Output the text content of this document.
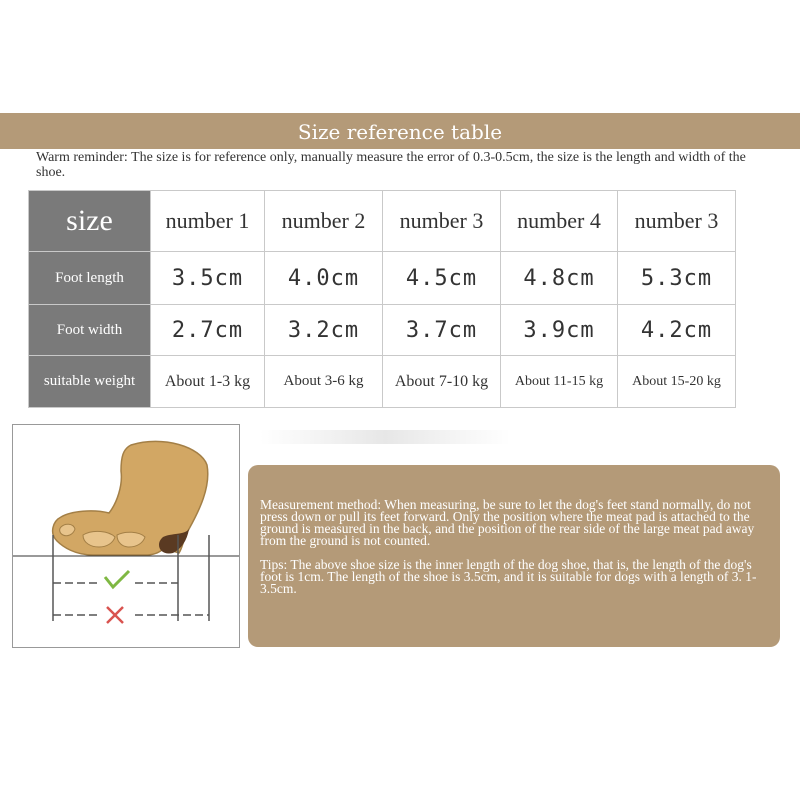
Size reference table
Warm reminder: The size is for reference only, manually measure the error of 0.3-0.5cm, the size is the length and width of the shoe.
size	number 1	number 2	number 3	number 4	number 3
Foot length	3.5cm	4.0cm	4.5cm	4.8cm	5.3cm
Foot width	2.7cm	3.2cm	3.7cm	3.9cm	4.2cm
suitable weight	About 1-3 kg	About 3-6 kg	About 7-10 kg	About 11-15 kg	About 15-20 kg
Measurement method: When measuring, be sure to let the dog's feet stand normally, do not press down or pull its feet forward. Only the position where the meat pad is attached to the ground is measured in the back, and the position of the rear side of the large meat pad away from the ground is not counted.
Tips: The above shoe size is the inner length of the dog shoe, that is, the length of the dog's foot is 1cm. The length of the shoe is 3.5cm, and it is suitable for dogs with a length of 3. 1-3.5cm.
